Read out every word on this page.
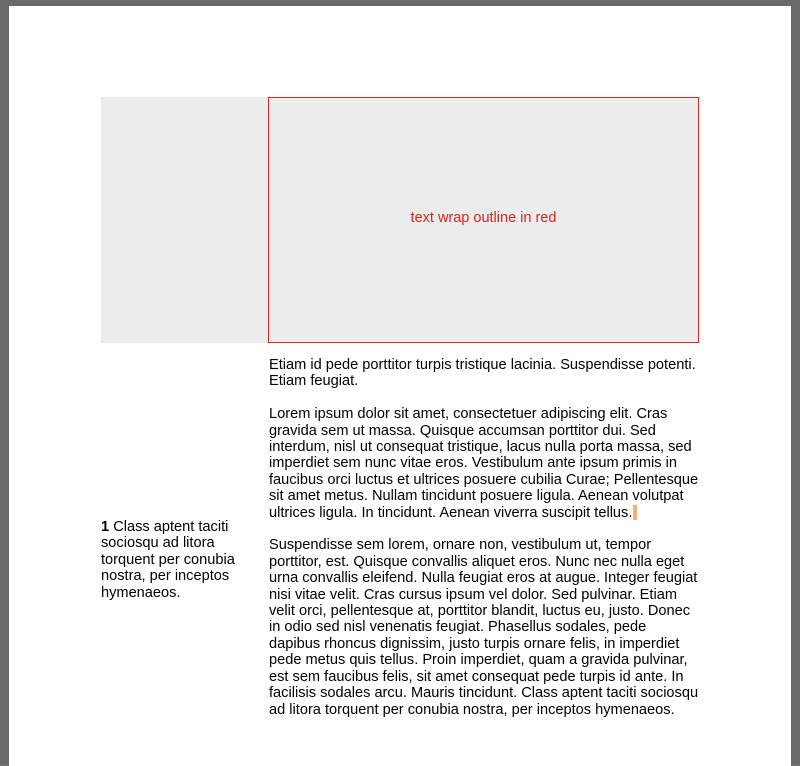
text wrap outline in red

Etiam id pede porttitor turpis tristique lacinia. Suspendisse potenti. Etiam feugiat.

Lorem ipsum dolor sit amet, consectetuer adipiscing elit. Cras gravida sem ut massa. Quisque accumsan porttitor dui. Sed interdum, nisl ut consequat tristique, lacus nulla porta massa, sed imperdiet sem nunc vitae eros. Vestibulum ante ipsum primis in faucibus orci luctus et ultrices posuere cubilia Curae; Pellentesque sit amet metus. Nullam tincidunt posuere ligula. Aenean volutpat ultrices ligula. In tincidunt. Aenean viverra suscipit tellus.

Suspendisse sem lorem, ornare non, vestibulum ut, tempor porttitor, est. Quisque convallis aliquet eros. Nunc nec nulla eget urna convallis eleifend. Nulla feugiat eros at augue. Integer feugiat nisi vitae velit. Cras cursus ipsum vel dolor. Sed pulvinar. Etiam velit orci, pellentesque at, porttitor blandit, luctus eu, justo. Donec in odio sed nisl venenatis feugiat. Phasellus sodales, pede dapibus rhoncus dignissim, justo turpis ornare felis, in imperdiet pede metus quis tellus. Proin imperdiet, quam a gravida pulvinar, est sem faucibus felis, sit amet consequat pede turpis id ante. In facilisis sodales arcu. Mauris tincidunt. Class aptent taciti sociosqu ad litora torquent per conubia nostra, per inceptos hymenaeos.

1 Class aptent taciti sociosqu ad litora torquent per conubia nostra, per inceptos hymenaeos.
